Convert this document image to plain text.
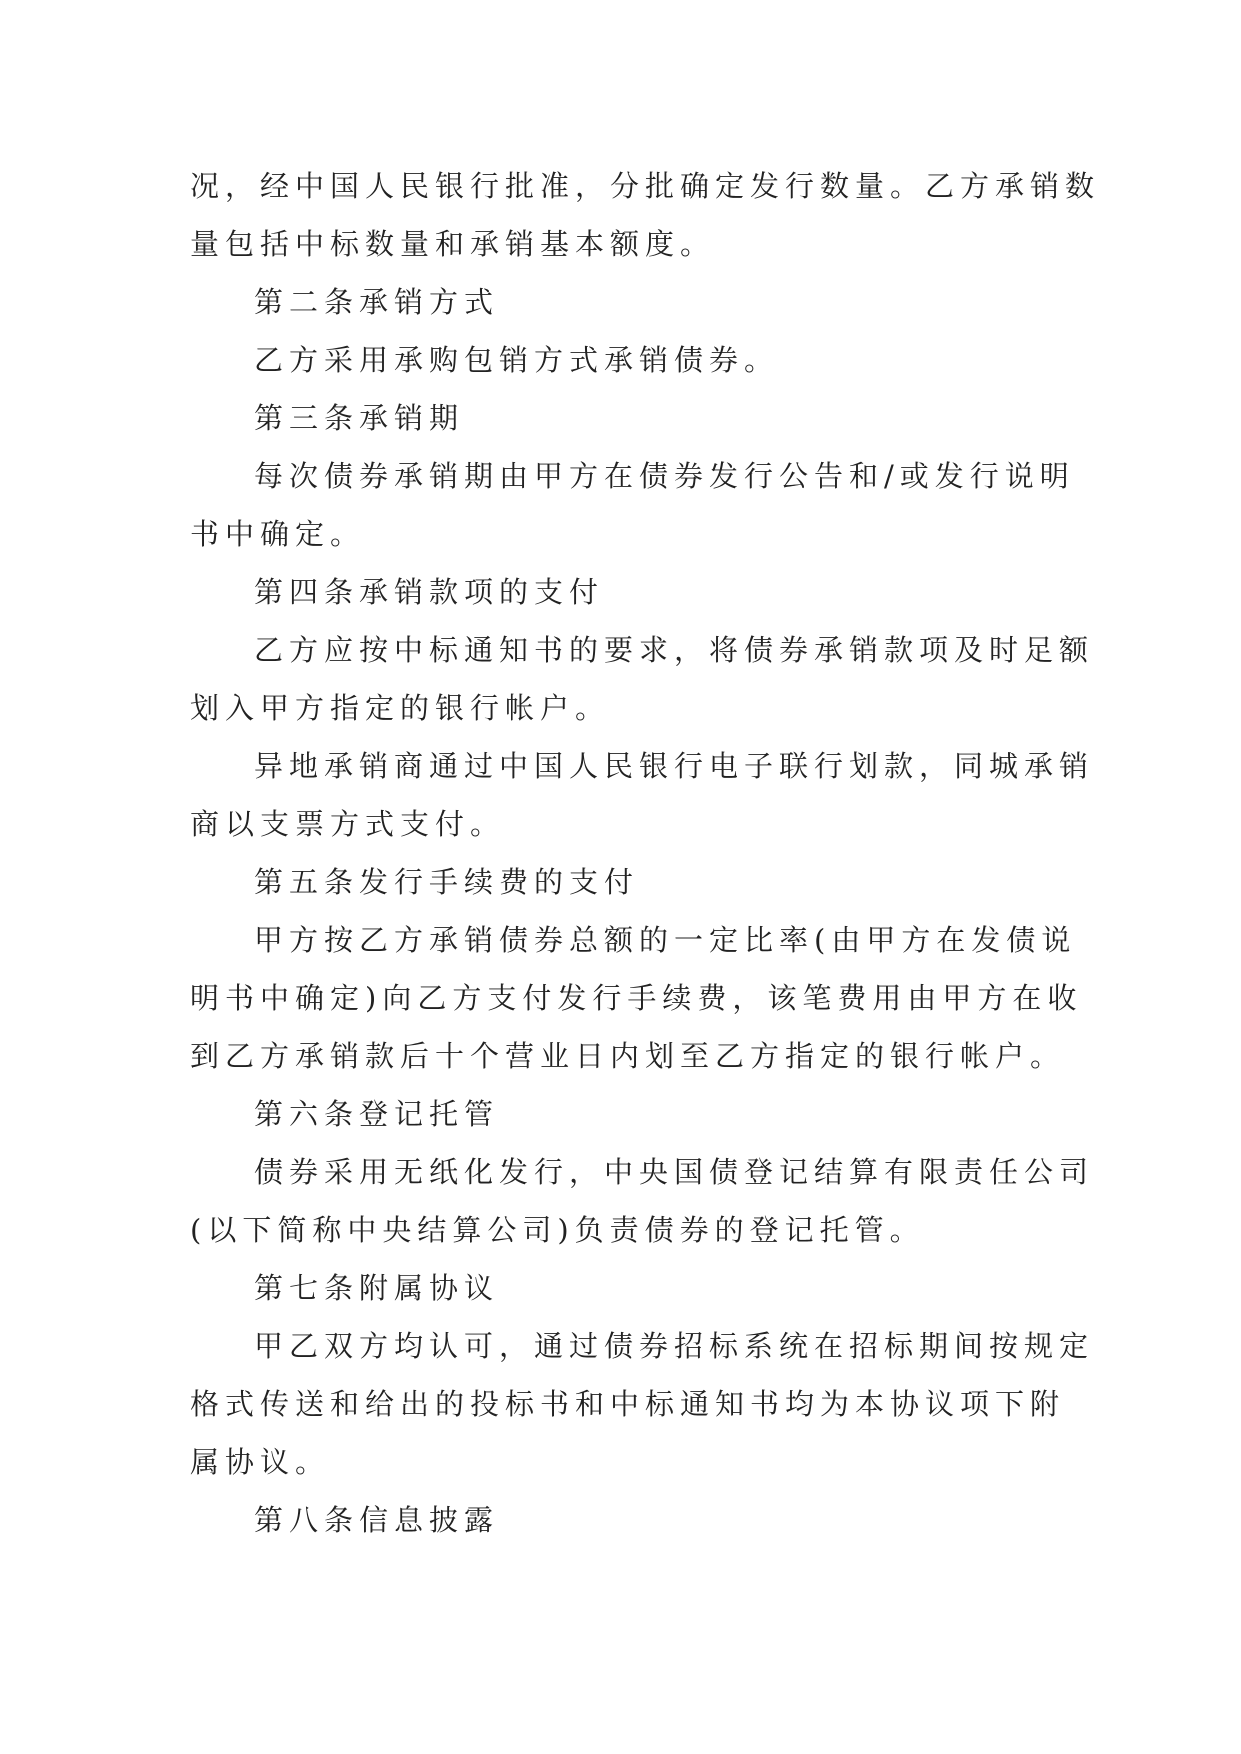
况，经中国人民银行批准，分批确定发行数量。乙方承销数
量包括中标数量和承销基本额度。
第二条承销方式
乙方采用承购包销方式承销债券。
第三条承销期
每次债券承销期由甲方在债券发行公告和/或发行说明
书中确定。
第四条承销款项的支付
乙方应按中标通知书的要求，将债券承销款项及时足额
划入甲方指定的银行帐户。
异地承销商通过中国人民银行电子联行划款，同城承销
商以支票方式支付。
第五条发行手续费的支付
甲方按乙方承销债券总额的一定比率(由甲方在发债说
明书中确定)向乙方支付发行手续费，该笔费用由甲方在收
到乙方承销款后十个营业日内划至乙方指定的银行帐户。
第六条登记托管
债券采用无纸化发行，中央国债登记结算有限责任公司
(以下简称中央结算公司)负责债券的登记托管。
第七条附属协议
甲乙双方均认可，通过债券招标系统在招标期间按规定
格式传送和给出的投标书和中标通知书均为本协议项下附
属协议。
第八条信息披露
